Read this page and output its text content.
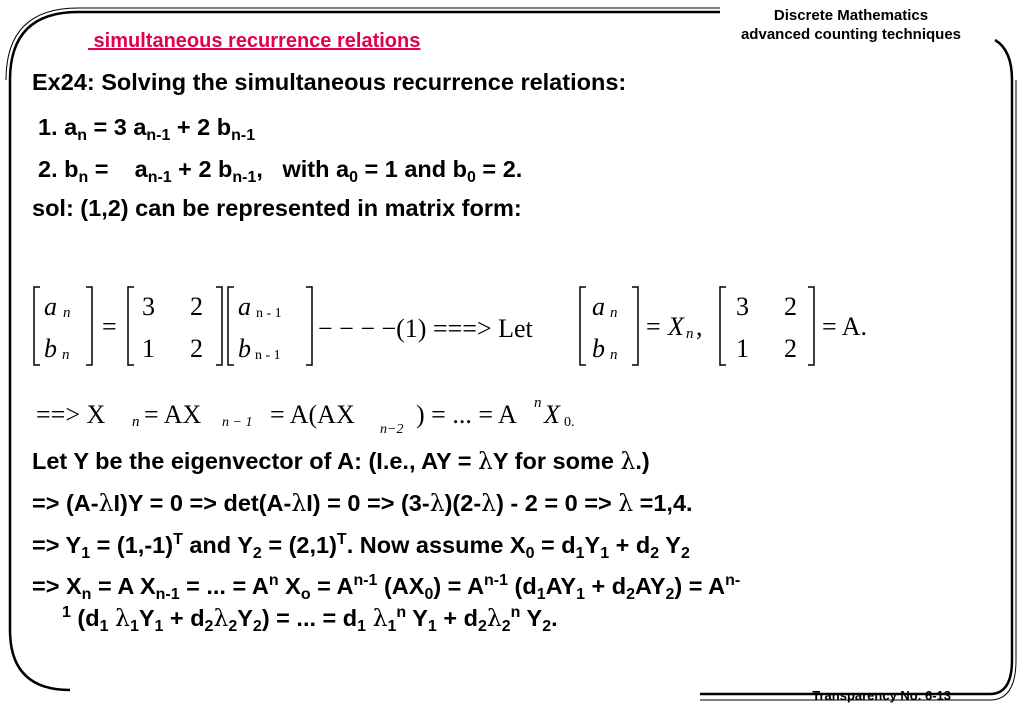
Discrete Mathematics
advanced counting techniques
simultaneous recurrence relations
Ex24: Solving the simultaneous recurrence relations:
1. $a_n = 3$ $a_{n-1} + 2$ $b_{n-1}$
2. $b_n$ =    $a_{n-1} + 2$ $b_{n-1}$,   with $a_0 = 1$ and $b_0 = 2$.
sol: (1,2) can be represented in matrix form:
a n
b n
=
3 2
1 2
a n - 1
b n - 1
− − − −(1) ===> Let
a n
b n
= X n ,
3 2
1 2
= A.
==> X n = AX n − 1 = A(AX
n−2
) = ... = A n X 0.
Let Y be the eigenvector of A: (I.e., AY = λY for some λ.)
=> (A-λI)Y = 0 => det(A-λI) = 0 => (3-λ)(2-λ) - 2 = 0 => λ =1,4.
=> $Y_1 = (1,-1)^T$ and $Y_2 = (2,1)^T$. Now assume $X_0 = d_1Y_1 + d_2$ $Y_2$
=> $X_n = A$ $X_{n-1}$ = ... = $A^n$ $X_o = A^{n-1}$ $(AX_0) = A^{n-1}$ $(d_1AY_1 + d_2AY_2) = A^{n-}$
$^1$ ($d_1$ $\lambda_1Y_1 + d_2\lambda_2Y_2$) = ... = $d_1$ $\lambda_1^n$ $Y_1 + d_2\lambda_2^n$ $Y_2$.
Transparency No. 6-13
